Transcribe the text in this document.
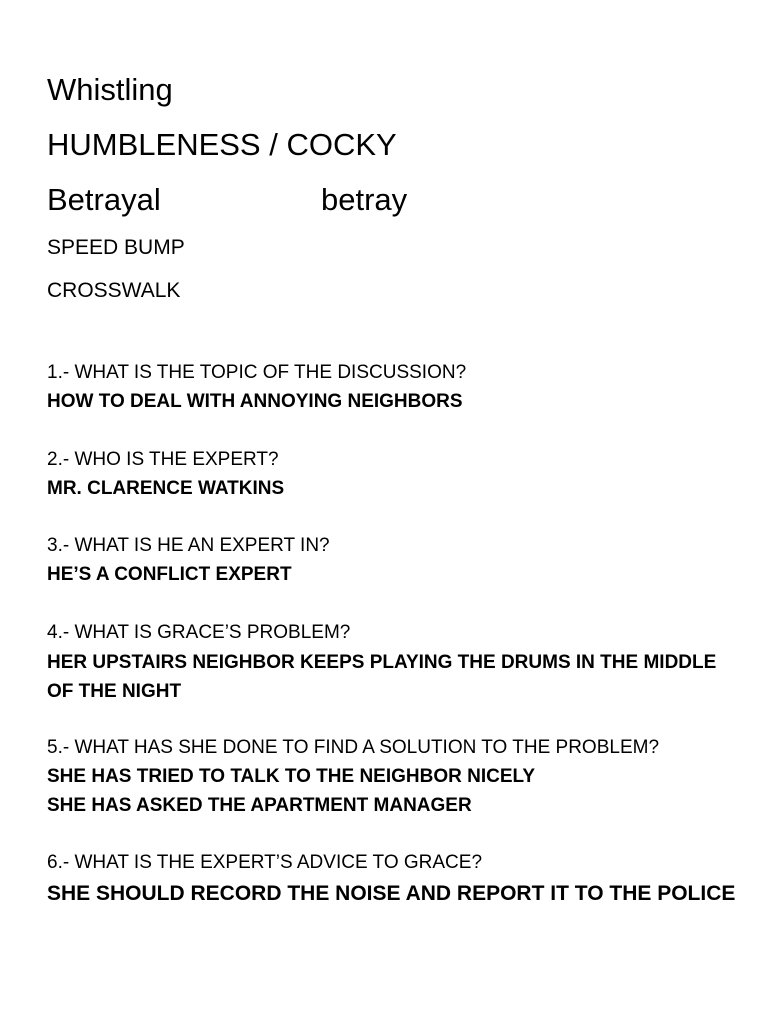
Whistling
HUMBLENESS / COCKY
Betrayal	betray
SPEED BUMP
CROSSWALK
1.- WHAT IS THE TOPIC OF THE DISCUSSION?
HOW TO DEAL WITH ANNOYING NEIGHBORS
2.- WHO IS THE EXPERT?
MR. CLARENCE WATKINS
3.- WHAT IS HE AN EXPERT IN?
HE’S A CONFLICT EXPERT
4.- WHAT IS GRACE’S PROBLEM?
HER UPSTAIRS NEIGHBOR KEEPS PLAYING THE DRUMS IN THE MIDDLE OF THE NIGHT
5.- WHAT HAS SHE DONE TO FIND A SOLUTION TO THE PROBLEM?
SHE HAS TRIED TO TALK TO THE NEIGHBOR NICELY
SHE HAS ASKED THE APARTMENT MANAGER
6.- WHAT IS THE EXPERT’S ADVICE TO GRACE?
SHE SHOULD RECORD THE NOISE AND REPORT IT TO THE POLICE
